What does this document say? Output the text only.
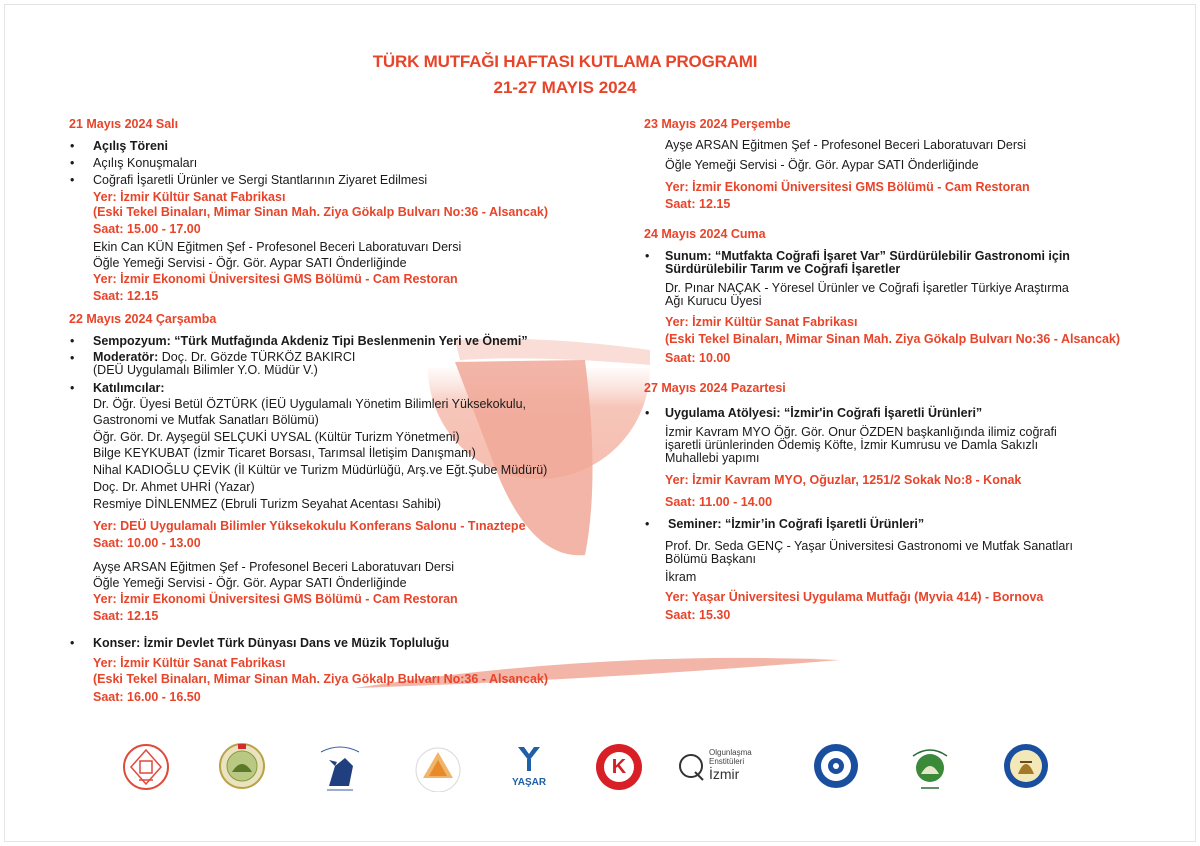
TÜRK MUTFAĞI HAFTASI KUTLAMA PROGRAMI
21-27 MAYIS 2024
21 Mayıs 2024 Salı
• Açılış Töreni
• Açılış Konuşmaları
• Coğrafi İşaretli Ürünler ve Sergi Stantlarının Ziyaret Edilmesi
Yer: İzmir Kültür Sanat Fabrikası
(Eski Tekel Binaları, Mimar Sinan Mah. Ziya Gökalp Bulvarı No:36 - Alsancak)
Saat: 15.00 - 17.00
Ekin Can KÜN Eğitmen Şef - Profesonel Beceri Laboratuvarı Dersi
Öğle Yemeği Servisi - Öğr. Gör. Aypar SATI Önderliğinde
Yer: İzmir Ekonomi Üniversitesi GMS Bölümü - Cam Restoran
Saat: 12.15
22 Mayıs 2024 Çarşamba
• Sempozyum: “Türk Mutfağında Akdeniz Tipi Beslenmenin Yeri ve Önemi”
• Moderatör: Doç. Dr. Gözde TÜRKÖZ BAKIRCI
(DEÜ Uygulamalı Bilimler Y.O. Müdür V.)
• Katılımcılar:
Dr. Öğr. Üyesi Betül ÖZTÜRK (İEÜ Uygulamalı Yönetim Bilimleri Yüksekokulu,
Gastronomi ve Mutfak Sanatları Bölümü)
Öğr. Gör. Dr. Ayşegül SELÇUKİ UYSAL (Kültür Turizm Yönetmeni)
Bilge KEYKUBAT (İzmir Ticaret Borsası, Tarımsal İletişim Danışmanı)
Nihal KADIOĞLU ÇEVİK (İl Kültür ve Turizm Müdürlüğü, Arş.ve Eğt.Şube Müdürü)
Doç. Dr. Ahmet UHRİ (Yazar)
Resmiye DİNLENMEZ (Ebruli Turizm Seyahat Acentası Sahibi)
Yer: DEÜ Uygulamalı Bilimler Yüksekokulu Konferans Salonu - Tınaztepe
Saat: 10.00 - 13.00
Ayşe ARSAN Eğitmen Şef - Profesonel Beceri Laboratuvarı Dersi
Öğle Yemeği Servisi - Öğr. Gör. Aypar SATI Önderliğinde
Yer: İzmir Ekonomi Üniversitesi GMS Bölümü - Cam Restoran
Saat: 12.15
• Konser: İzmir Devlet Türk Dünyası Dans ve Müzik Topluluğu
Yer: İzmir Kültür Sanat Fabrikası
(Eski Tekel Binaları, Mimar Sinan Mah. Ziya Gökalp Bulvarı No:36 - Alsancak)
Saat: 16.00 - 16.50
23 Mayıs 2024 Perşembe
Ayşe ARSAN Eğitmen Şef - Profesonel Beceri Laboratuvarı Dersi
Öğle Yemeği Servisi - Öğr. Gör. Aypar SATI Önderliğinde
Yer: İzmir Ekonomi Üniversitesi GMS Bölümü - Cam Restoran
Saat: 12.15
24 Mayıs 2024 Cuma
• Sunum: “Mutfakta Coğrafi İşaret Var” Sürdürülebilir Gastronomi için
Sürdürülebilir Tarım ve Coğrafi İşaretler
Dr. Pınar NAÇAK - Yöresel Ürünler ve Coğrafi İşaretler Türkiye Araştırma
Ağı Kurucu Üyesi
Yer: İzmir Kültür Sanat Fabrikası
(Eski Tekel Binaları, Mimar Sinan Mah. Ziya Gökalp Bulvarı No:36 - Alsancak)
Saat: 10.00
27 Mayıs 2024 Pazartesi
• Uygulama Atölyesi: “İzmir'in Coğrafi İşaretli Ürünleri”
İzmir Kavram MYO Öğr. Gör. Onur ÖZDEN başkanlığında ilimiz coğrafi
işaretli ürünlerinden Ödemiş Köfte, İzmir Kumrusu ve Damla Sakızlı
Muhallebi yapımı
Yer: İzmir Kavram MYO, Oğuzlar, 1251/2 Sokak No:8 - Konak
Saat: 11.00 - 14.00
• Seminer: “İzmir’in Coğrafi İşaretli Ürünleri”
Prof. Dr. Seda GENÇ - Yaşar Üniversitesi Gastronomi ve Mutfak Sanatları
Bölümü Başkanı
İkram
Yer: Yaşar Üniversitesi Uygulama Mutfağı (Myvia 414) - Bornova
Saat: 15.30
YAŞAR
K
Olgunlaşma
Enstitüleri
İzmir
